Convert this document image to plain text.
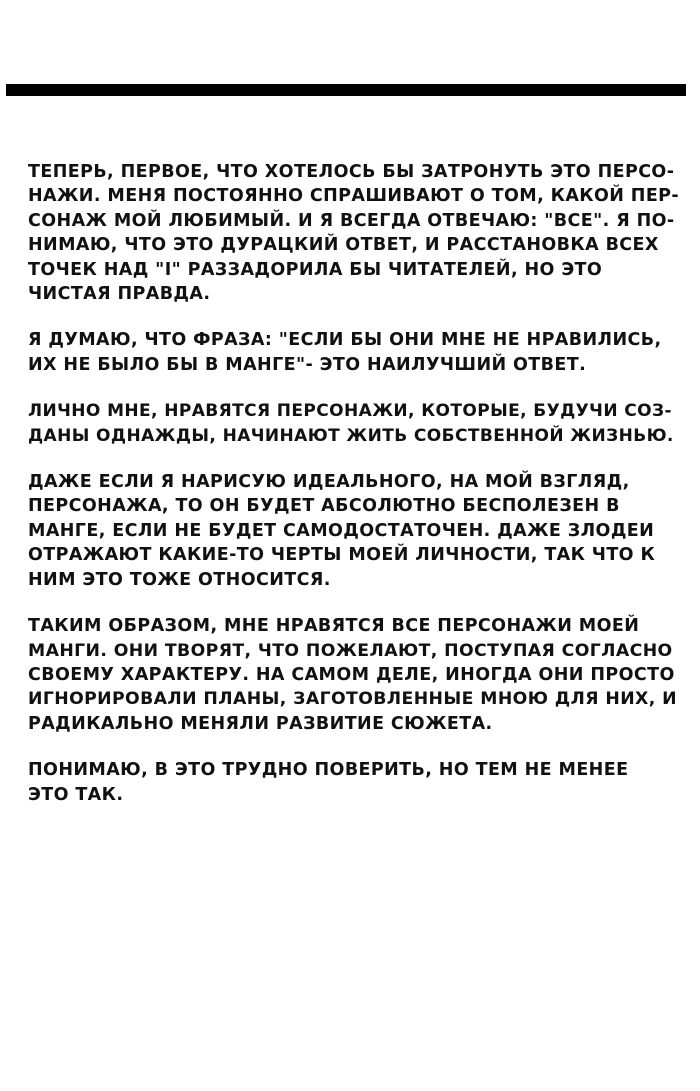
ТЕПЕРЬ, ПЕРВОЕ, ЧТО ХОТЕЛОСЬ БЫ ЗАТРОНУТЬ ЭТО ПЕРСО-
НАЖИ. МЕНЯ ПОСТОЯННО СПРАШИВАЮТ О ТОМ, КАКОЙ ПЕР-
СОНАЖ МОЙ ЛЮБИМЫЙ. И Я ВСЕГДА ОТВЕЧАЮ: "ВСЕ". Я ПО-
НИМАЮ, ЧТО ЭТО ДУРАЦКИЙ ОТВЕТ, И РАССТАНОВКА ВСЕХ
ТОЧЕК НАД "I" РАЗЗАДОРИЛА БЫ ЧИТАТЕЛЕЙ, НО ЭТО
ЧИСТАЯ ПРАВДА.
Я ДУМАЮ, ЧТО ФРАЗА: "ЕСЛИ БЫ ОНИ МНЕ НЕ НРАВИЛИСЬ,
ИХ НЕ БЫЛО БЫ В МАНГЕ"- ЭТО НАИЛУЧШИЙ ОТВЕТ.
ЛИЧНО МНЕ, НРАВЯТСЯ ПЕРСОНАЖИ, КОТОРЫЕ, БУДУЧИ СОЗ-
ДАНЫ ОДНАЖДЫ, НАЧИНАЮТ ЖИТЬ СОБСТВЕННОЙ ЖИЗНЬЮ.
ДАЖЕ ЕСЛИ Я НАРИСУЮ ИДЕАЛЬНОГО, НА МОЙ ВЗГЛЯД,
ПЕРСОНАЖА, ТО ОН БУДЕТ АБСОЛЮТНО БЕСПОЛЕЗЕН В
МАНГЕ, ЕСЛИ НЕ БУДЕТ САМОДОСТАТОЧЕН. ДАЖЕ ЗЛОДЕИ
ОТРАЖАЮТ КАКИЕ-ТО ЧЕРТЫ МОЕЙ ЛИЧНОСТИ, ТАК ЧТО К
НИМ ЭТО ТОЖЕ ОТНОСИТСЯ.
ТАКИМ ОБРАЗОМ, МНЕ НРАВЯТСЯ ВСЕ ПЕРСОНАЖИ МОЕЙ
МАНГИ. ОНИ ТВОРЯТ, ЧТО ПОЖЕЛАЮТ, ПОСТУПАЯ СОГЛАСНО
СВОЕМУ ХАРАКТЕРУ. НА САМОМ ДЕЛЕ, ИНОГДА ОНИ ПРОСТО
ИГНОРИРОВАЛИ ПЛАНЫ, ЗАГОТОВЛЕННЫЕ МНОЮ ДЛЯ НИХ, И
РАДИКАЛЬНО МЕНЯЛИ РАЗВИТИЕ СЮЖЕТА.
ПОНИМАЮ, В ЭТО ТРУДНО ПОВЕРИТЬ, НО ТЕМ НЕ МЕНЕЕ
ЭТО ТАК.
